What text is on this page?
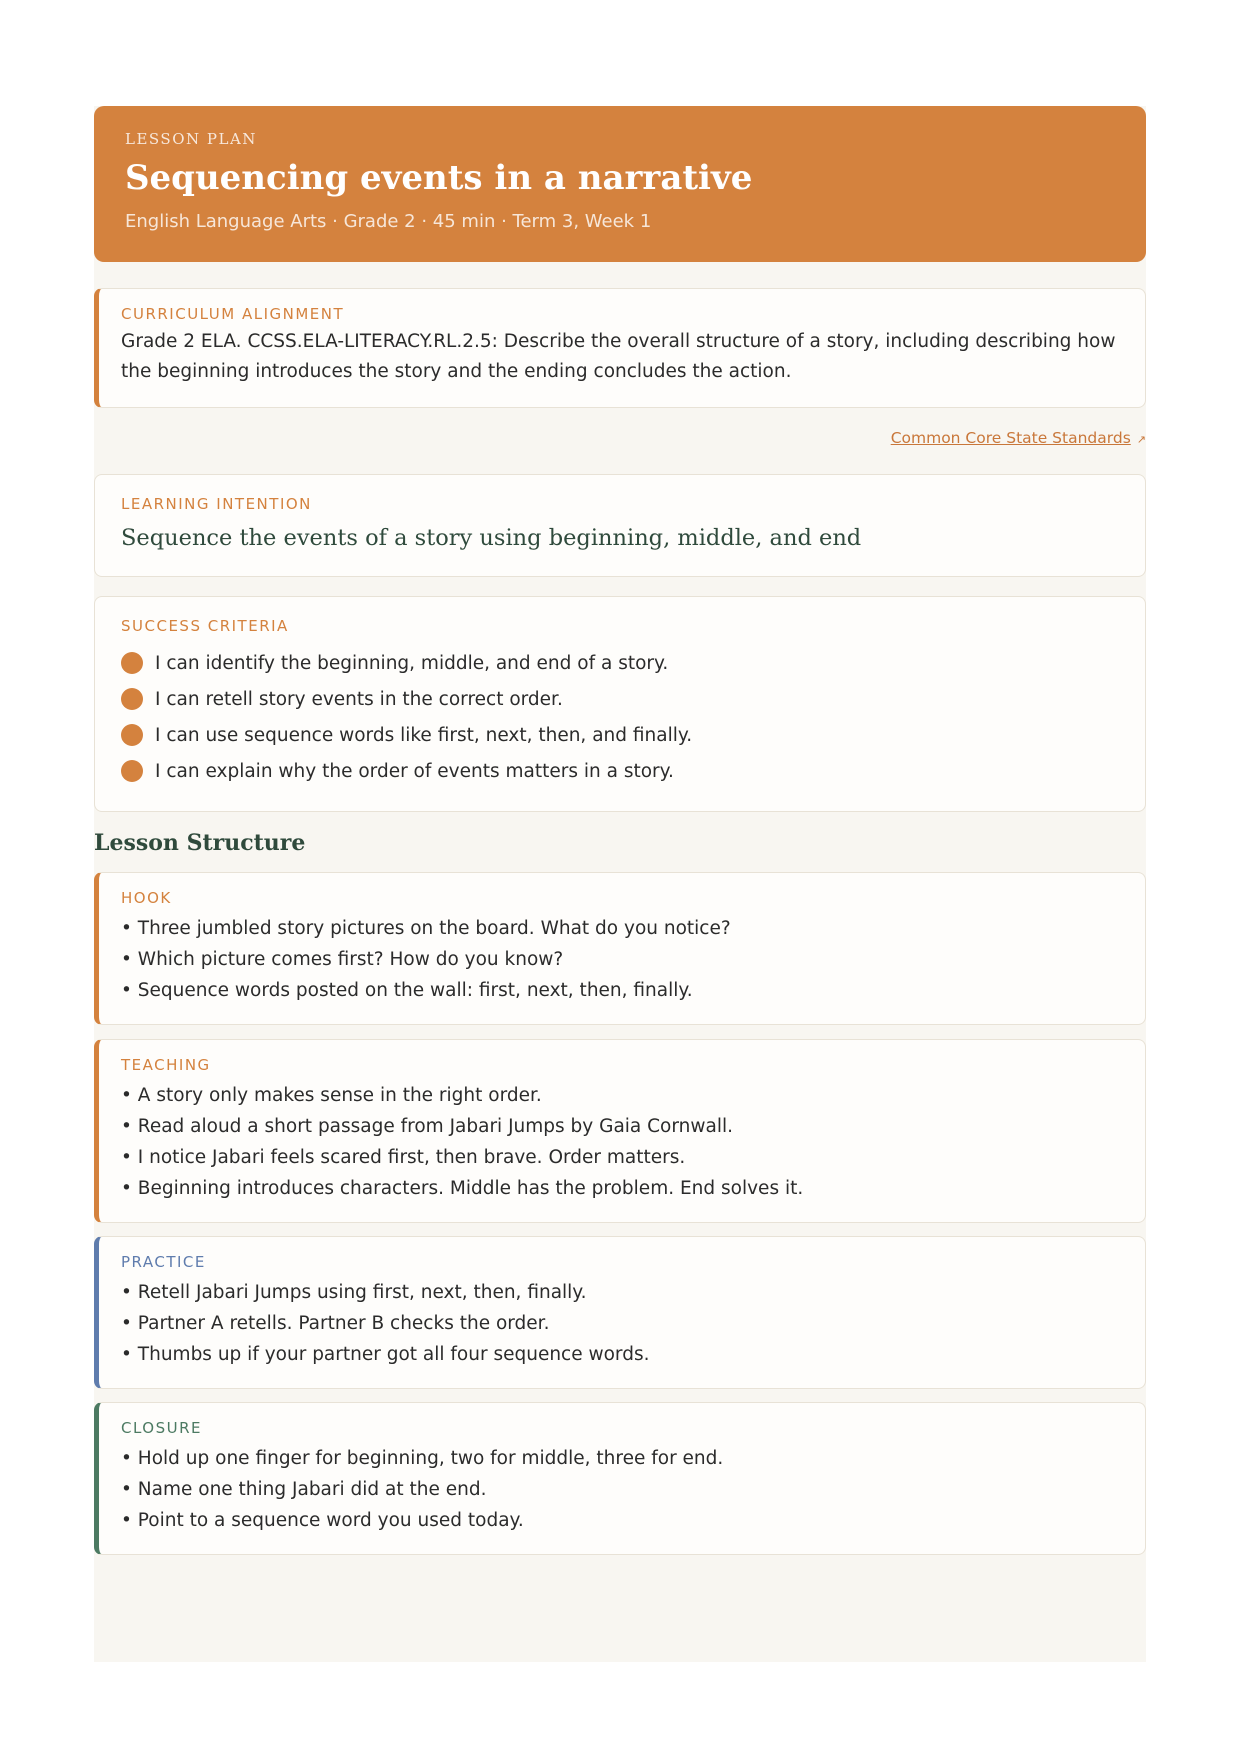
LESSON PLAN
Sequencing events in a narrative
English Language Arts · Grade 2 · 45 min · Term 3, Week 1
CURRICULUM ALIGNMENT
Grade 2 ELA. CCSS.ELA-LITERACY.RL.2.5: Describe the overall structure of a story, including describing how the beginning introduces the story and the ending concludes the action.
Common Core State Standards ↗
LEARNING INTENTION
Sequence the events of a story using beginning, middle, and end
SUCCESS CRITERIA
I can identify the beginning, middle, and end of a story.
I can retell story events in the correct order.
I can use sequence words like first, next, then, and finally.
I can explain why the order of events matters in a story.
Lesson Structure
HOOK
• Three jumbled story pictures on the board. What do you notice?
• Which picture comes first? How do you know?
• Sequence words posted on the wall: first, next, then, finally.
TEACHING
• A story only makes sense in the right order.
• Read aloud a short passage from Jabari Jumps by Gaia Cornwall.
• I notice Jabari feels scared first, then brave. Order matters.
• Beginning introduces characters. Middle has the problem. End solves it.
PRACTICE
• Retell Jabari Jumps using first, next, then, finally.
• Partner A retells. Partner B checks the order.
• Thumbs up if your partner got all four sequence words.
CLOSURE
• Hold up one finger for beginning, two for middle, three for end.
• Name one thing Jabari did at the end.
• Point to a sequence word you used today.
